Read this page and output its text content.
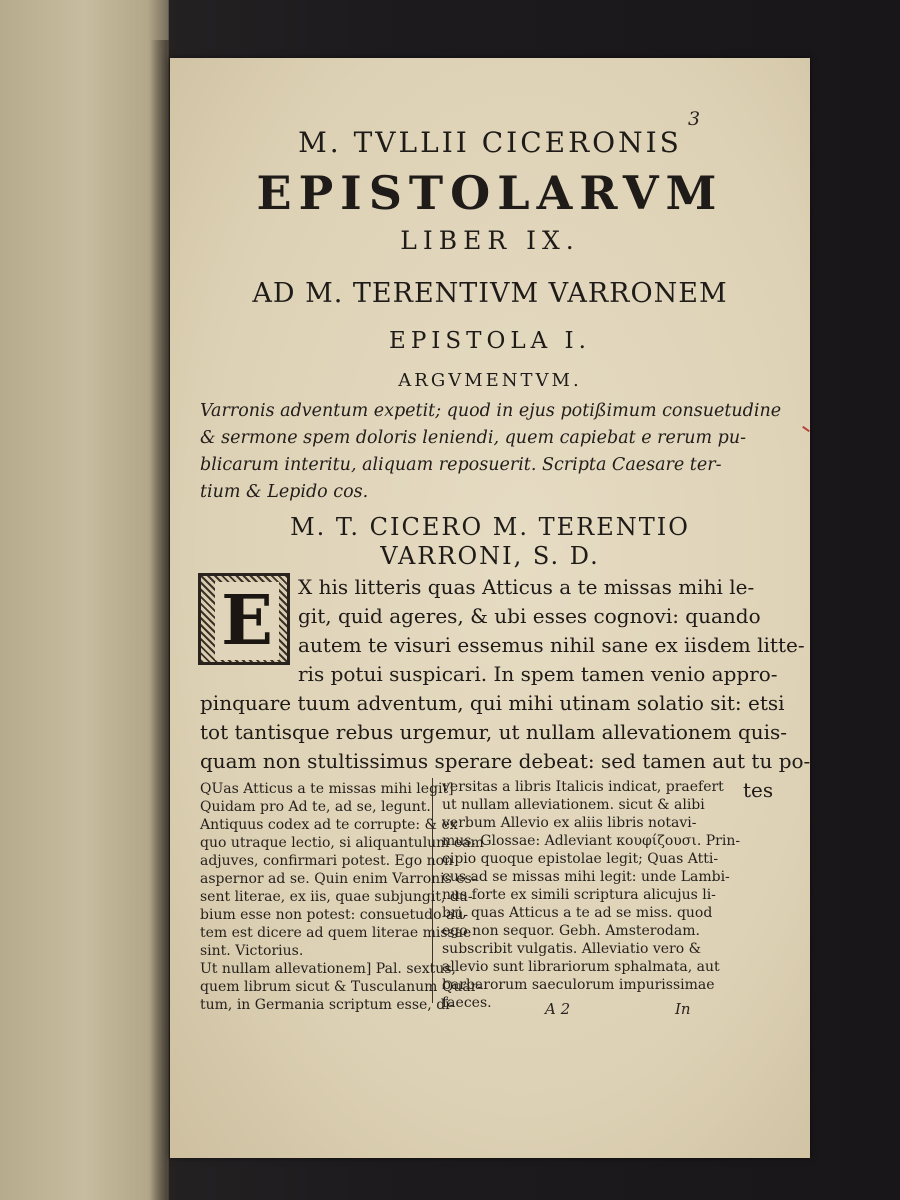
3
M. TVLLII CICERONIS
EPISTOLARVM
LIBER IX.
AD M. TERENTIVM VARRONEM
EPISTOLA I.
ARGVMENTVM.
Varronis adventum expetit; quod in ejus potißimum consuetudine
& sermone spem doloris leniendi, quem capiebat e rerum pu-
blicarum interitu, aliquam reposuerit. Scripta Caesare ter-
tium & Lepido cos.
M. T. CICERO M. TERENTIO
VARRONI, S. D.
E	X his litteris quas Atticus a te missas mihi le-
git, quid ageres, & ubi esses cognovi: quando
autem te visuri essemus nihil sane ex iisdem litte-
ris potui suspicari. In spem tamen venio appro-
pinquare tuum adventum, qui mihi utinam solatio sit: etsi
tot tantisque rebus urgemur, ut nullam allevationem quis-
quam non stultissimus sperare debeat: sed tamen aut tu po-
tes
QUas Atticus a te missas mihi legit]
Quidam pro Ad te, ad se, legunt.
Antiquus codex ad te corrupte: & ex
quo utraque lectio, si aliquantulum eam
adjuves, confirmari potest. Ego non
aspernor ad se. Quin enim Varronis es-
sent literae, ex iis, quae subjungit, du-
bium esse non potest: consuetudo au-
tem est dicere ad quem literae missae
sint. Victorius.
Ut nullam allevationem] Pal. sextus,
quem librum sicut & Tusculanum Quar-
tum, in Germania scriptum esse, di-
versitas a libris Italicis indicat, praefert
ut nullam alleviationem. sicut & alibi
verbum Allevio ex aliis libris notavi-
mus. Glossae: Adleviant κουφίζουσι. Prin-
cipio quoque epistolae legit; Quas Atti-
cus ad se missas mihi legit: unde Lambi-
nus forte ex simili scriptura alicujus li-
bri, quas Atticus a te ad se miss. quod
ego non sequor. Gebh. Amsterodam.
subscribit vulgatis. Alleviatio vero &
allevio sunt librariorum sphalmata, aut
barbarorum saeculorum impurissimae
faeces.	A 2	In
